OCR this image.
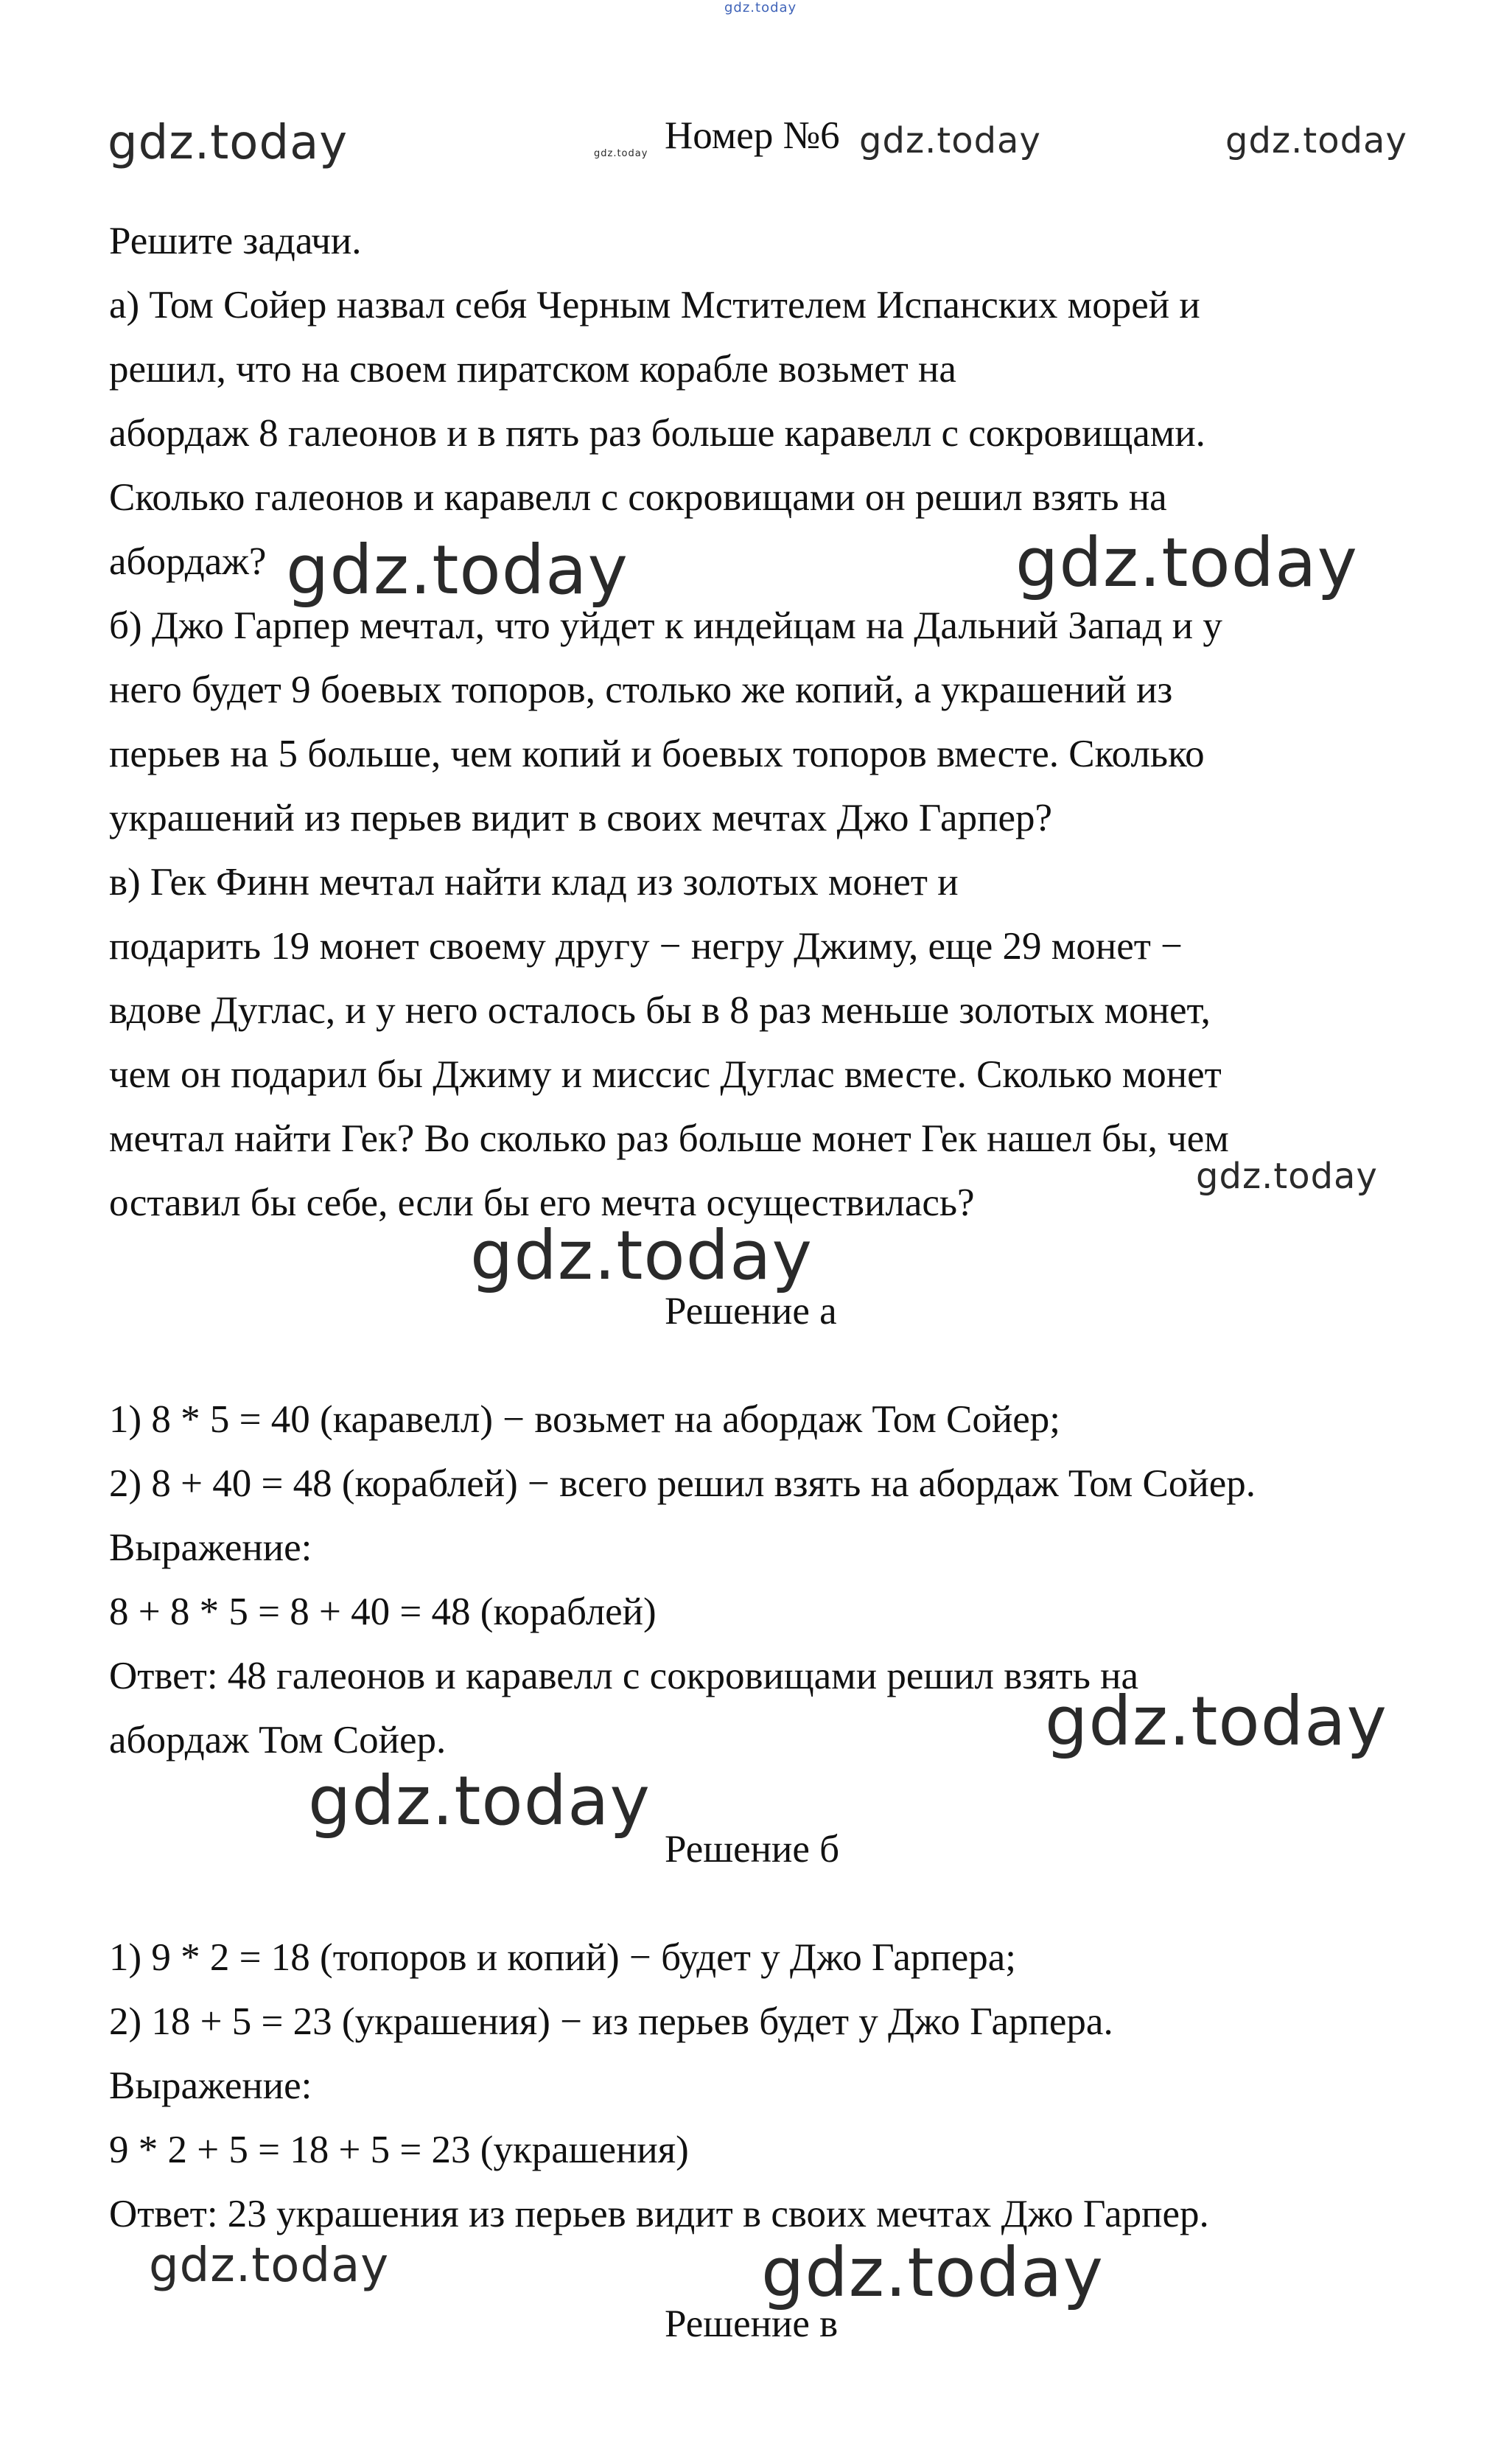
gdz.today
gdz.today	gdz.today Номер №6 gdz.today	gdz.today
Решите задачи.
а) Том Сойер назвал себя Черным Мстителем Испанских морей и
решил, что на своем пиратском корабле возьмет на
абордаж 8 галеонов и в пять раз больше каравелл с сокровищами.
Сколько галеонов и каравелл с сокровищами он решил взять на
абордаж?
б) Джо Гарпер мечтал, что уйдет к индейцам на Дальний Запад и у
него будет 9 боевых топоров, столько же копий, а украшений из
перьев на 5 больше, чем копий и боевых топоров вместе. Сколько
украшений из перьев видит в своих мечтах Джо Гарпер?
в) Гек Финн мечтал найти клад из золотых монет и
подарить 19 монет своему другу − негру Джиму, еще 29 монет −
вдове Дуглас, и у него осталось бы в 8 раз меньше золотых монет,
чем он подарил бы Джиму и миссис Дуглас вместе. Сколько монет
мечтал найти Гек? Во сколько раз больше монет Гек нашел бы, чем
оставил бы себе, если бы его мечта осуществилась?
1) 8 * 5 = 40 (каравелл) − возьмет на абордаж Том Сойер;
2) 8 + 40 = 48 (кораблей) − всего решил взять на абордаж Том Сойер.
Выражение:
8 + 8 * 5 = 8 + 40 = 48 (кораблей)
Ответ: 48 галеонов и каравелл с сокровищами решил взять на
абордаж Том Сойер.
1) 9 * 2 = 18 (топоров и копий) − будет у Джо Гарпера;
2) 18 + 5 = 23 (украшения) − из перьев будет у Джо Гарпера.
Выражение:
9 * 2 + 5 = 18 + 5 = 23 (украшения)
Ответ: 23 украшения из перьев видит в своих мечтах Джо Гарпер.
Решение а
Решение б
Решение в
gdz.today	gdz.today
gdz.today
gdz.today
gdz.today
gdz.today
gdz.today	gdz.today
